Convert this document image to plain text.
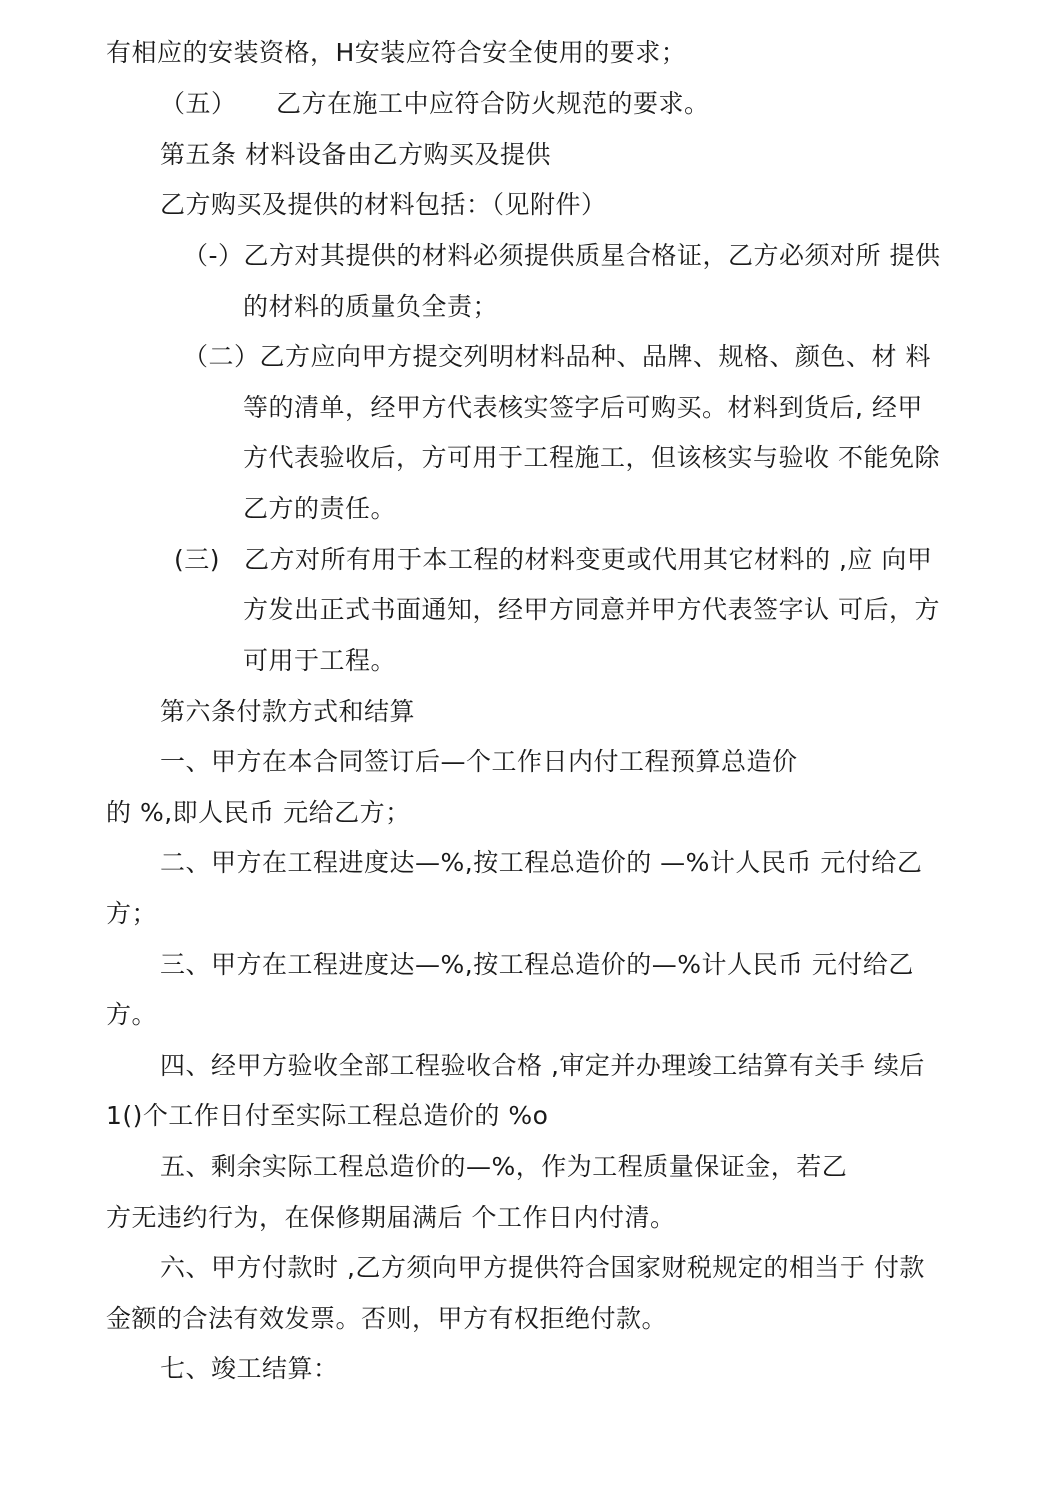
有相应的安装资格，H安装应符合安全使用的要求；
（五） 乙方在施工中应符合防火规范的要求。
第五条 材料设备由乙方购买及提供
乙方购买及提供的材料包括：（见附件）
（-）乙方对其提供的材料必须提供质星合格证，乙方必须对所 提供
的材料的质量负全责；
（二）乙方应向甲方提交列明材料品种、品牌、规格、颜色、材 料
等的清单，经甲方代表核实签字后可购买。材料到货后, 经甲
方代表验收后，方可用于工程施工，但该核实与验收 不能免除
乙方的责任。
(三) 乙方对所有用于本工程的材料变更或代用其它材料的 ,应 向甲
方发出正式书面通知，经甲方同意并甲方代表签字认 可后，方
可用于工程。
第六条付款方式和结算
一、甲方在本合同签订后—个工作日内付工程预算总造价
的 %,即人民币 元给乙方；
二、甲方在工程进度达—%,按工程总造价的 —%计人民币 元付给乙
方；
三、甲方在工程进度达—%,按工程总造价的—%计人民币 元付给乙
方。
四、经甲方验收全部工程验收合格 ,审定并办理竣工结算有关手 续后
1()个工作日付至实际工程总造价的 %o
五、剩余实际工程总造价的—%，作为工程质量保证金，若乙
方无违约行为，在保修期届满后 个工作日内付清。
六、甲方付款时 ,乙方须向甲方提供符合国家财税规定的相当于 付款
金额的合法有效发票。否则，甲方有权拒绝付款。
七、竣工结算：
